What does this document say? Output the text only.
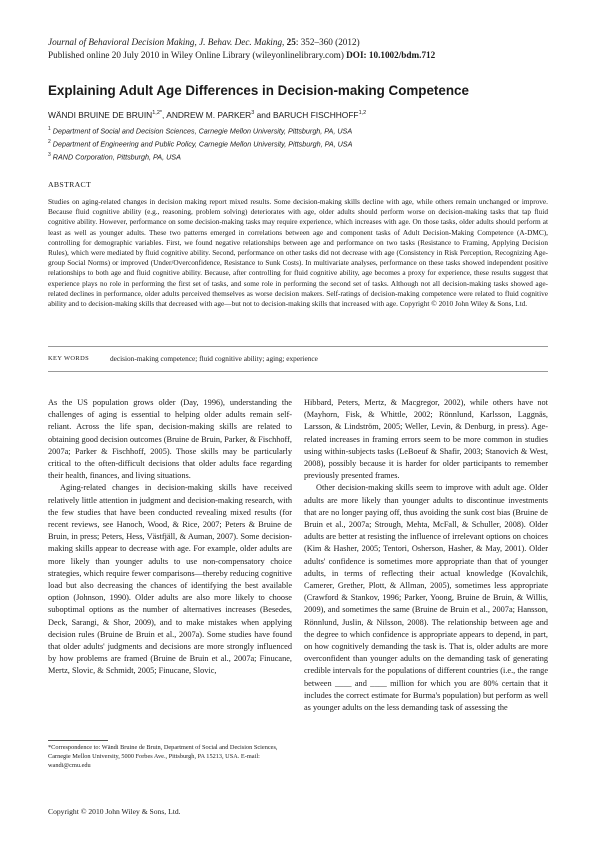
Journal of Behavioral Decision Making, J. Behav. Dec. Making, 25: 352–360 (2012)
Published online 20 July 2010 in Wiley Online Library (wileyonlinelibrary.com) DOI: 10.1002/bdm.712
Explaining Adult Age Differences in Decision-making Competence
WÄNDI BRUINE DE $BRUIN^{1,2*}$, ANDREW M. PARKER$^3$ and BARUCH FISCHHOFF$^{1,2}$
$^1$ Department of Social and Decision Sciences, Carnegie Mellon University, Pittsburgh, PA, USA
$^2$ Department of Engineering and Public Policy, Carnegie Mellon University, Pittsburgh, PA, USA
$^3$ RAND Corporation, Pittsburgh, PA, USA
ABSTRACT
Studies on aging-related changes in decision making report mixed results. Some decision-making skills decline with age, while others remain unchanged or improve. Because fluid cognitive ability (e.g., reasoning, problem solving) deteriorates with age, older adults should perform worse on decision-making tasks that tap fluid cognitive ability. However, performance on some decision-making tasks may require experience, which increases with age. On those tasks, older adults should perform at least as well as younger adults. These two patterns emerged in correlations between age and component tasks of Adult Decision-Making Competence (A-DMC), controlling for demographic variables. First, we found negative relationships between age and performance on two tasks (Resistance to Framing, Applying Decision Rules), which were mediated by fluid cognitive ability. Second, performance on other tasks did not decrease with age (Consistency in Risk Perception, Recognizing Age-group Social Norms) or improved (Under/Overconfidence, Resistance to Sunk Costs). In multivariate analyses, performance on these tasks showed independent positive relationships to both age and fluid cognitive ability. Because, after controlling for fluid cognitive ability, age becomes a proxy for experience, these results suggest that experience plays no role in performing the first set of tasks, and some role in performing the second set of tasks. Although not all decision-making tasks showed age-related declines in performance, older adults perceived themselves as worse decision makers. Self-ratings of decision-making competence were related to fluid cognitive ability and to decision-making skills that decreased with age—but not to decision-making skills that increased with age. Copyright © 2010 John Wiley & Sons, Ltd.
KEY WORDS	decision-making competence; fluid cognitive ability; aging; experience

As the US population grows older (Day, 1996), understanding the challenges of aging is essential to helping older adults remain self-reliant. Across the life span, decision-making skills are related to obtaining good decision outcomes (Bruine de Bruin, Parker, & Fischhoff, 2007a; Parker & Fischhoff, 2005). Those skills may be particularly critical to the often-difficult decisions that older adults face regarding their health, finances, and living situations.

Aging-related changes in decision-making skills have received relatively little attention in judgment and decision-making research, with the few studies that have been conducted revealing mixed results (for recent reviews, see Hanoch, Wood, & Rice, 2007; Peters & Bruine de Bruin, in press; Peters, Hess, Västfjäll, & Auman, 2007). Some decision-making skills appear to decrease with age. For example, older adults are more likely than younger adults to use non-compensatory choice strategies, which require fewer comparisons—thereby reducing cognitive load but also decreasing the chances of identifying the best available option (Johnson, 1990). Older adults are also more likely to choose suboptimal options as the number of alternatives increases (Besedes, Deck, Sarangi, & Shor, 2009), and to make mistakes when applying decision rules (Bruine de Bruin et al., 2007a). Some studies have found that older adults' judgments and decisions are more strongly influenced by how problems are framed (Bruine de Bruin et al., 2007a; Finucane, Mertz, Slovic, & Schmidt, 2005; Finucane, Slovic,

Hibbard, Peters, Mertz, & Macgregor, 2002), while others have not (Mayhorn, Fisk, & Whittle, 2002; Rönnlund, Karlsson, Laggnäs, Larsson, & Lindström, 2005; Weller, Levin, & Denburg, in press). Age-related increases in framing errors seem to be more common in studies using within-subjects tasks (LeBoeuf & Shafir, 2003; Stanovich & West, 2008), possibly because it is harder for older participants to remember previously presented frames.

Other decision-making skills seem to improve with adult age. Older adults are more likely than younger adults to discontinue investments that are no longer paying off, thus avoiding the sunk cost bias (Bruine de Bruin et al., 2007a; Strough, Mehta, McFall, & Schuller, 2008). Older adults are better at resisting the influence of irrelevant options on choices (Kim & Hasher, 2005; Tentori, Osherson, Hasher, & May, 2001). Older adults' confidence is sometimes more appropriate than that of younger adults, in terms of reflecting their actual knowledge (Kovalchik, Camerer, Grether, Plott, & Allman, 2005), sometimes less appropriate (Crawford & Stankov, 1996; Parker, Yoong, Bruine de Bruin, & Willis, 2009), and sometimes the same (Bruine de Bruin et al., 2007a; Hansson, Rönnlund, Juslin, & Nilsson, 2008). The relationship between age and the degree to which confidence is appropriate appears to depend, in part, on how cognitively demanding the task is. That is, older adults are more overconfident than younger adults on the demanding task of generating credible intervals for the populations of different countries (i.e., the range between ____ and ____ million for which you are 80% certain that it includes the correct estimate for Burma's population) but perform as well as younger adults on the less demanding task of assessing the

*Correspondence to: Wändi Bruine de Bruin, Department of Social and Decision Sciences, Carnegie Mellon University, 5000 Forbes Ave., Pittsburgh, PA 15213, USA. E-mail: wandi@cmu.edu
Copyright © 2010 John Wiley & Sons, Ltd.
